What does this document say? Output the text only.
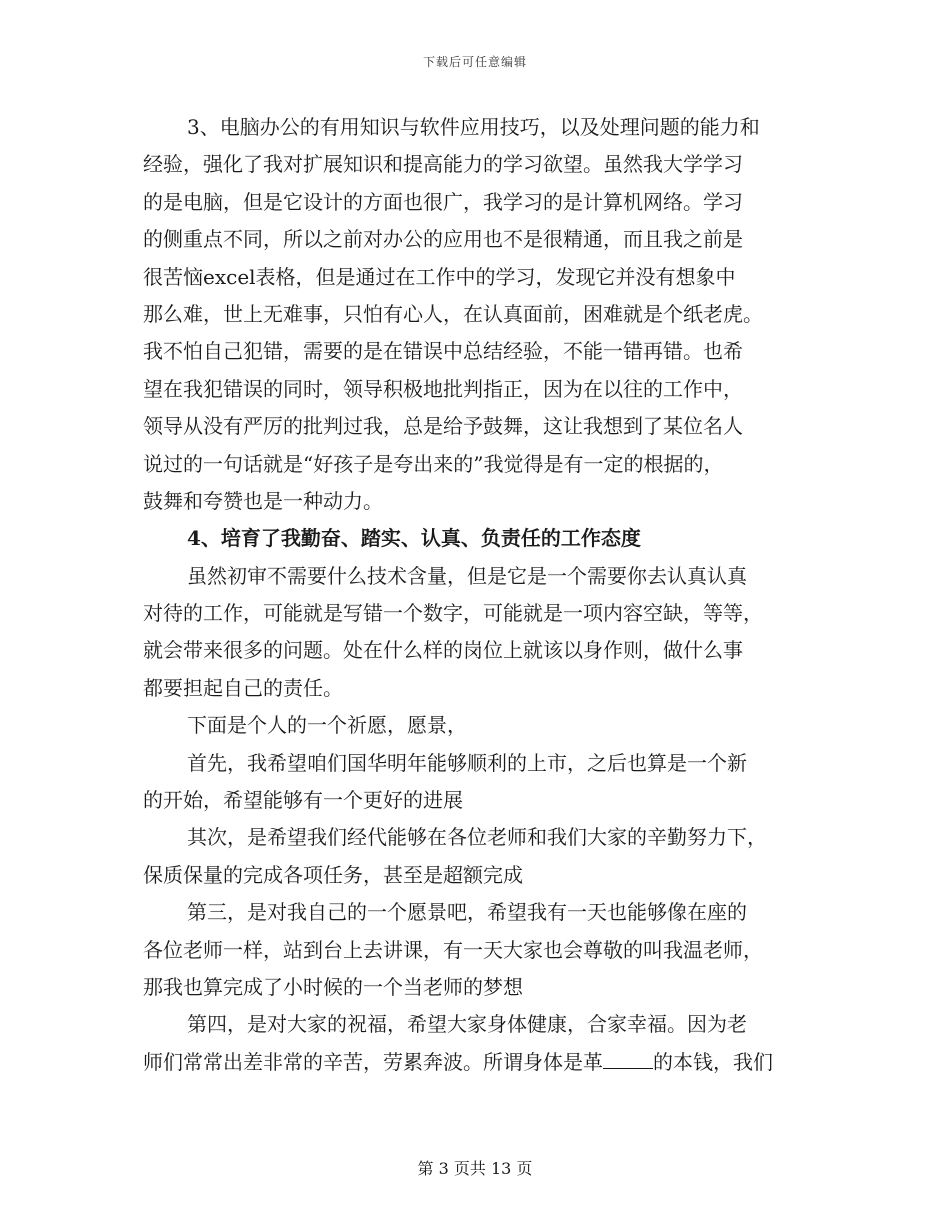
下载后可任意编辑
3、电脑办公的有用知识与软件应用技巧，以及处理问题的能力和
经验，强化了我对扩展知识和提高能力的学习欲望。虽然我大学学习
的是电脑，但是它设计的方面也很广，我学习的是计算机网络。学习
的侧重点不同，所以之前对办公的应用也不是很精通，而且我之前是
很苦恼excel表格，但是通过在工作中的学习，发现它并没有想象中
那么难，世上无难事，只怕有心人，在认真面前，困难就是个纸老虎。
我不怕自己犯错，需要的是在错误中总结经验，不能一错再错。也希
望在我犯错误的同时，领导积极地批判指正，因为在以往的工作中，
领导从没有严厉的批判过我，总是给予鼓舞，这让我想到了某位名人
说过的一句话就是“好孩子是夸出来的”我觉得是有一定的根据的，
鼓舞和夸赞也是一种动力。
4、培育了我勤奋、踏实、认真、负责任的工作态度
虽然初审不需要什么技术含量，但是它是一个需要你去认真认真
对待的工作，可能就是写错一个数字，可能就是一项内容空缺，等等，
就会带来很多的问题。处在什么样的岗位上就该以身作则，做什么事
都要担起自己的责任。
下面是个人的一个祈愿，愿景，
首先，我希望咱们国华明年能够顺利的上市，之后也算是一个新
的开始，希望能够有一个更好的进展
其次，是希望我们经代能够在各位老师和我们大家的辛勤努力下，
保质保量的完成各项任务，甚至是超额完成
第三，是对我自己的一个愿景吧，希望我有一天也能够像在座的
各位老师一样，站到台上去讲课，有一天大家也会尊敬的叫我温老师，
那我也算完成了小时候的一个当老师的梦想
第四，是对大家的祝福，希望大家身体健康，合家幸福。因为老
师们常常出差非常的辛苦，劳累奔波。所谓身体是革	的本钱，我们
第 3 页共 13 页
